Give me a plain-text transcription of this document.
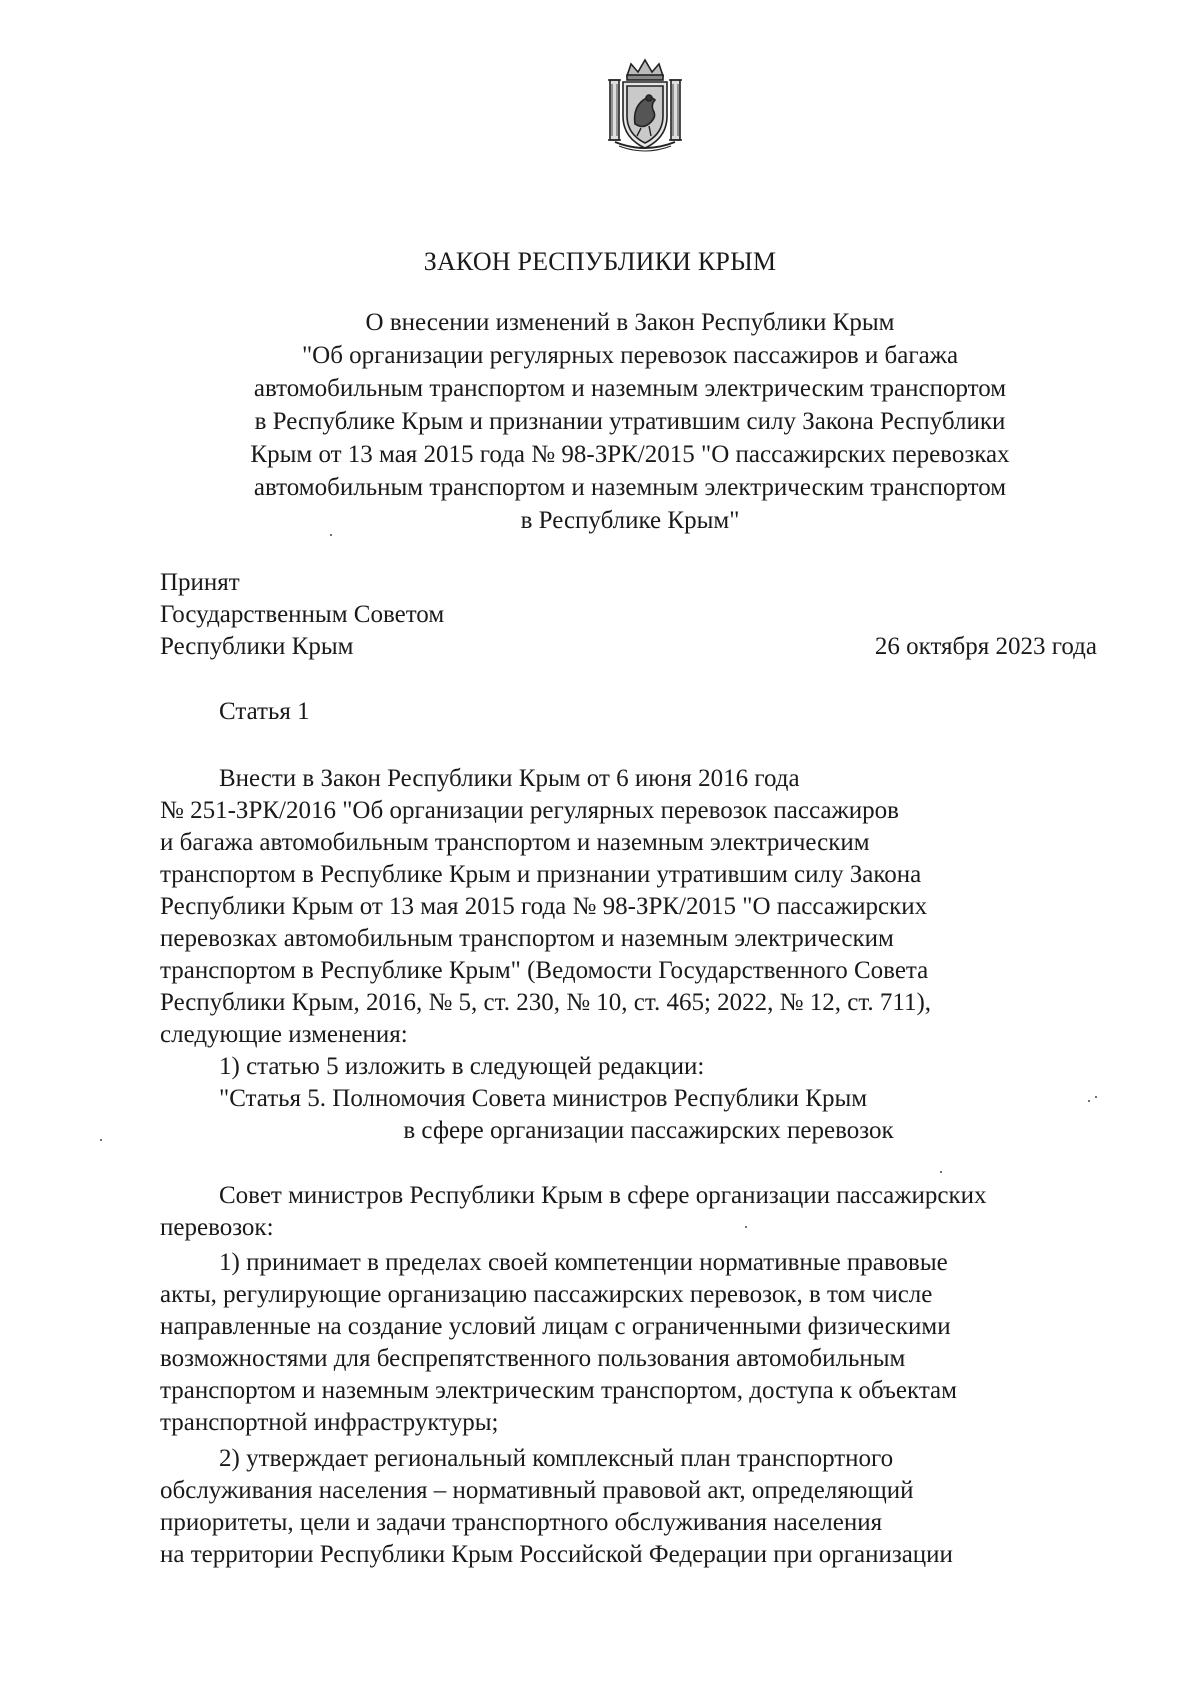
ЗАКОН РЕСПУБЛИКИ КРЫМ
О внесении изменений в Закон Республики Крым
"Об организации регулярных перевозок пассажиров и багажа
автомобильным транспортом и наземным электрическим транспортом
в Республике Крым и признании утратившим силу Закона Республики
Крым от 13 мая 2015 года № 98-ЗРК/2015 "О пассажирских перевозках
автомобильным транспортом и наземным электрическим транспортом
в Республике Крым"
Принят
Государственным Советом
Республики Крым	26 октября 2023 года
Статья 1

Внести в Закон Республики Крым от 6 июня 2016 года

№ 251-ЗРК/2016 "Об организации регулярных перевозок пассажиров

и багажа автомобильным транспортом и наземным электрическим

транспортом в Республике Крым и признании утратившим силу Закона

Республики Крым от 13 мая 2015 года № 98-ЗРК/2015 "О пассажирских

перевозках автомобильным транспортом и наземным электрическим

транспортом в Республике Крым" (Ведомости Государственного Совета

Республики Крым, 2016, № 5, ст. 230, № 10, ст. 465; 2022, № 12, ст. 711),

следующие изменения:

1) статью 5 изложить в следующей редакции:

"Статья 5. Полномочия Совета министров Республики Крым

в сфере организации пассажирских перевозок

Совет министров Республики Крым в сфере организации пассажирских

перевозок:

1) принимает в пределах своей компетенции нормативные правовые

акты, регулирующие организацию пассажирских перевозок, в том числе

направленные на создание условий лицам с ограниченными физическими

возможностями для беспрепятственного пользования автомобильным

транспортом и наземным электрическим транспортом, доступа к объектам

транспортной инфраструктуры;

2) утверждает региональный комплексный план транспортного

обслуживания населения – нормативный правовой акт, определяющий

приоритеты, цели и задачи транспортного обслуживания населения

на территории Республики Крым Российской Федерации при организации
